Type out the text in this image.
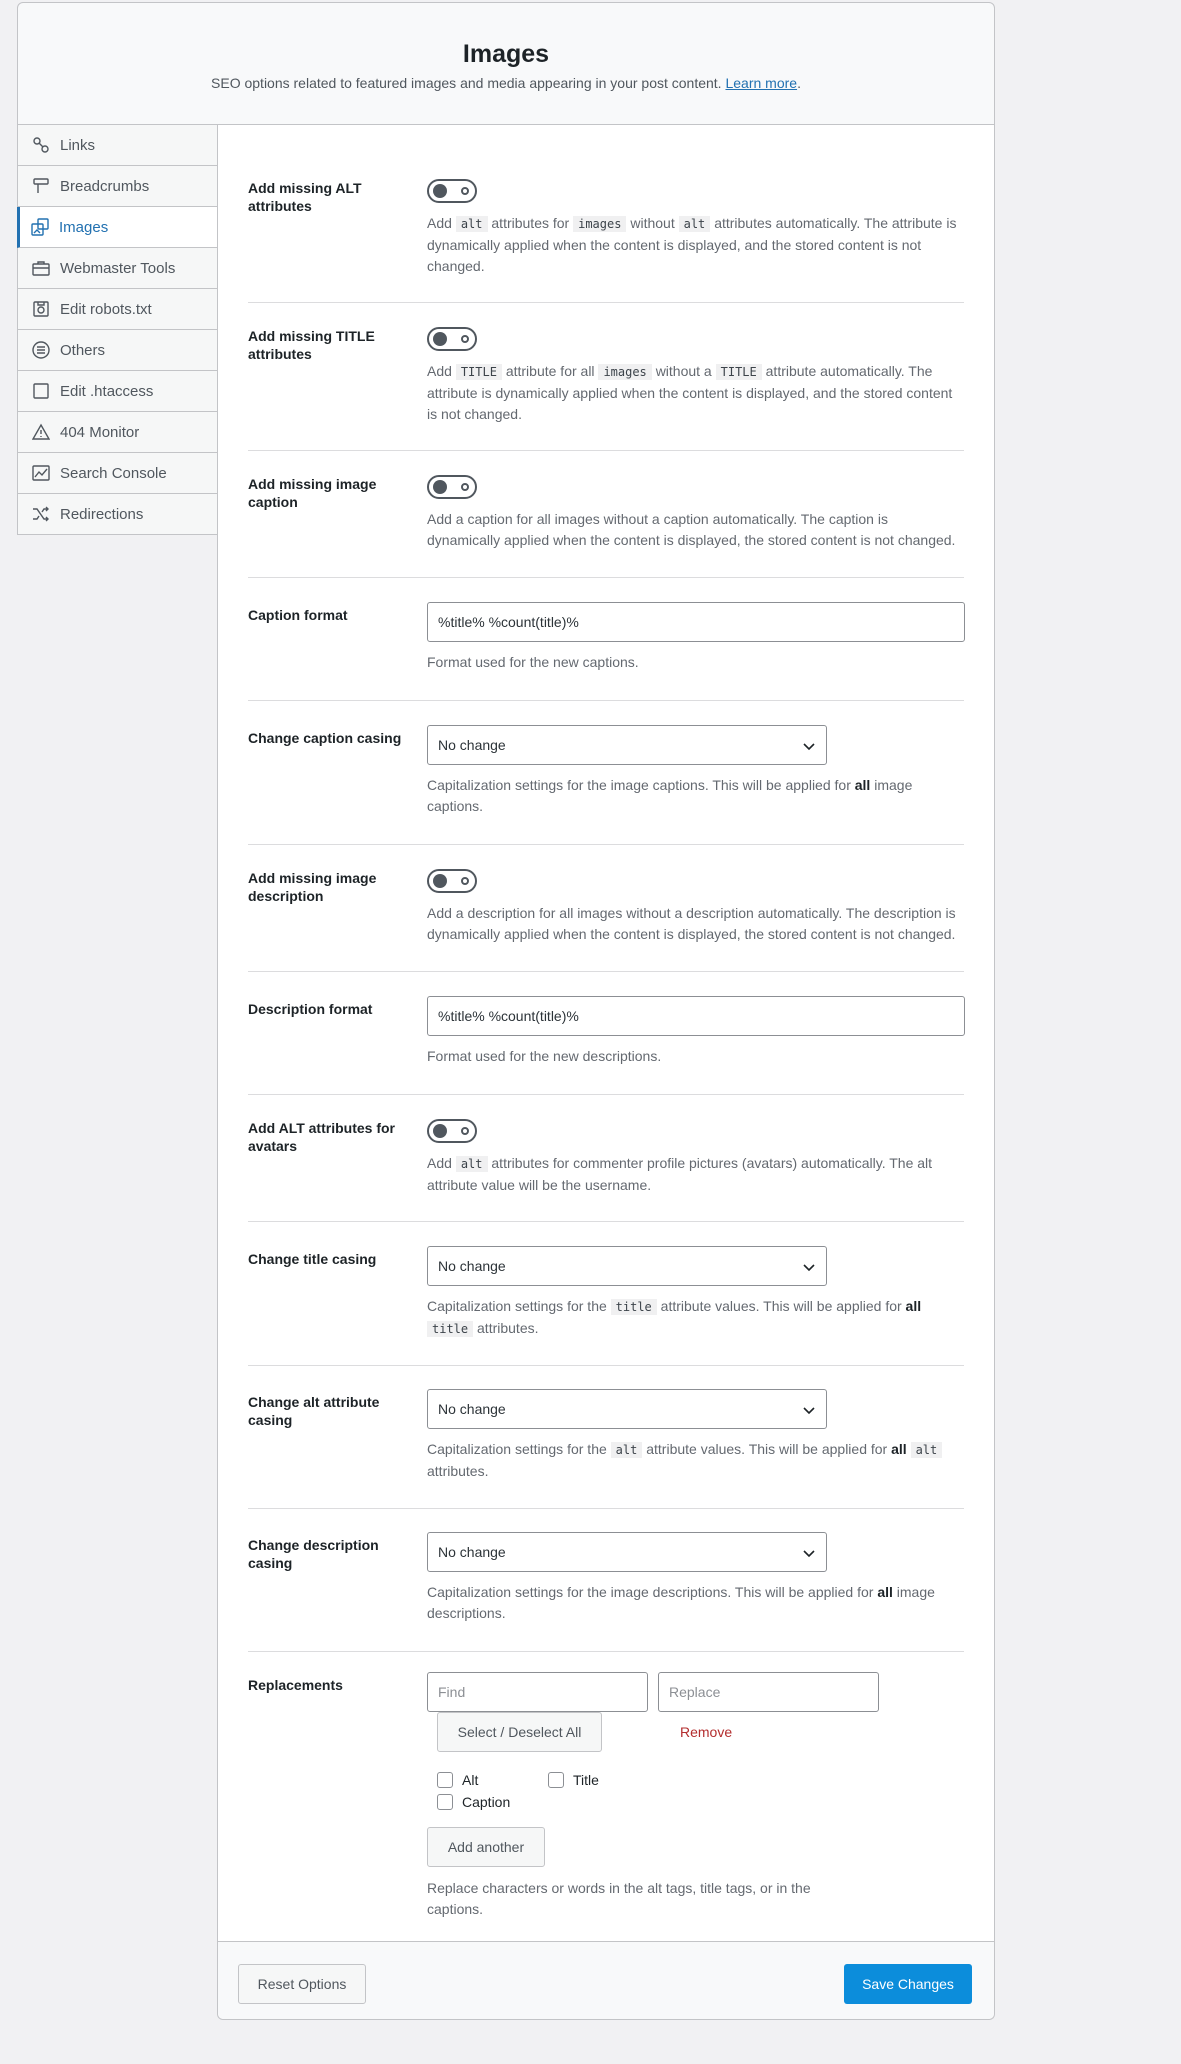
Images
SEO options related to featured images and media appearing in your post content. Learn more.
Links
Breadcrumbs
Images
Webmaster Tools
Edit robots.txt
Others
Edit .htaccess
404 Monitor
Search Console
Redirections
Add missing ALT attributes
Add alt attributes for images without alt attributes automatically. The attribute is dynamically applied when the content is displayed, and the stored content is not changed.
Add missing TITLE attributes
Add TITLE attribute for all images without a TITLE attribute automatically. The attribute is dynamically applied when the content is displayed, and the stored content is not changed.
Add missing image caption
Add a caption for all images without a caption automatically. The caption is dynamically applied when the content is displayed, the stored content is not changed.
Caption format
%title% %count(title)%
Format used for the new captions.
Change caption casing	No change
Capitalization settings for the image captions. This will be applied for all image captions.
Add missing image description
Add a description for all images without a description automatically. The description is dynamically applied when the content is displayed, the stored content is not changed.
Description format
%title% %count(title)%
Format used for the new descriptions.
Add ALT attributes for avatars
Add alt attributes for commenter profile pictures (avatars) automatically. The alt attribute value will be the username.
Change title casing	No change
Capitalization settings for the title attribute values. This will be applied for all title attributes.
Change alt attribute casing
No change
Capitalization settings for the alt attribute values. This will be applied for all alt attributes.
Change description casing
No change
Capitalization settings for the image descriptions. This will be applied for all image descriptions.
Replacements
Find
Replace
Select / Deselect All	Remove
Alt	Title
Caption
Add another
Replace characters or words in the alt tags, title tags, or in the captions.
Reset Options	Save Changes
